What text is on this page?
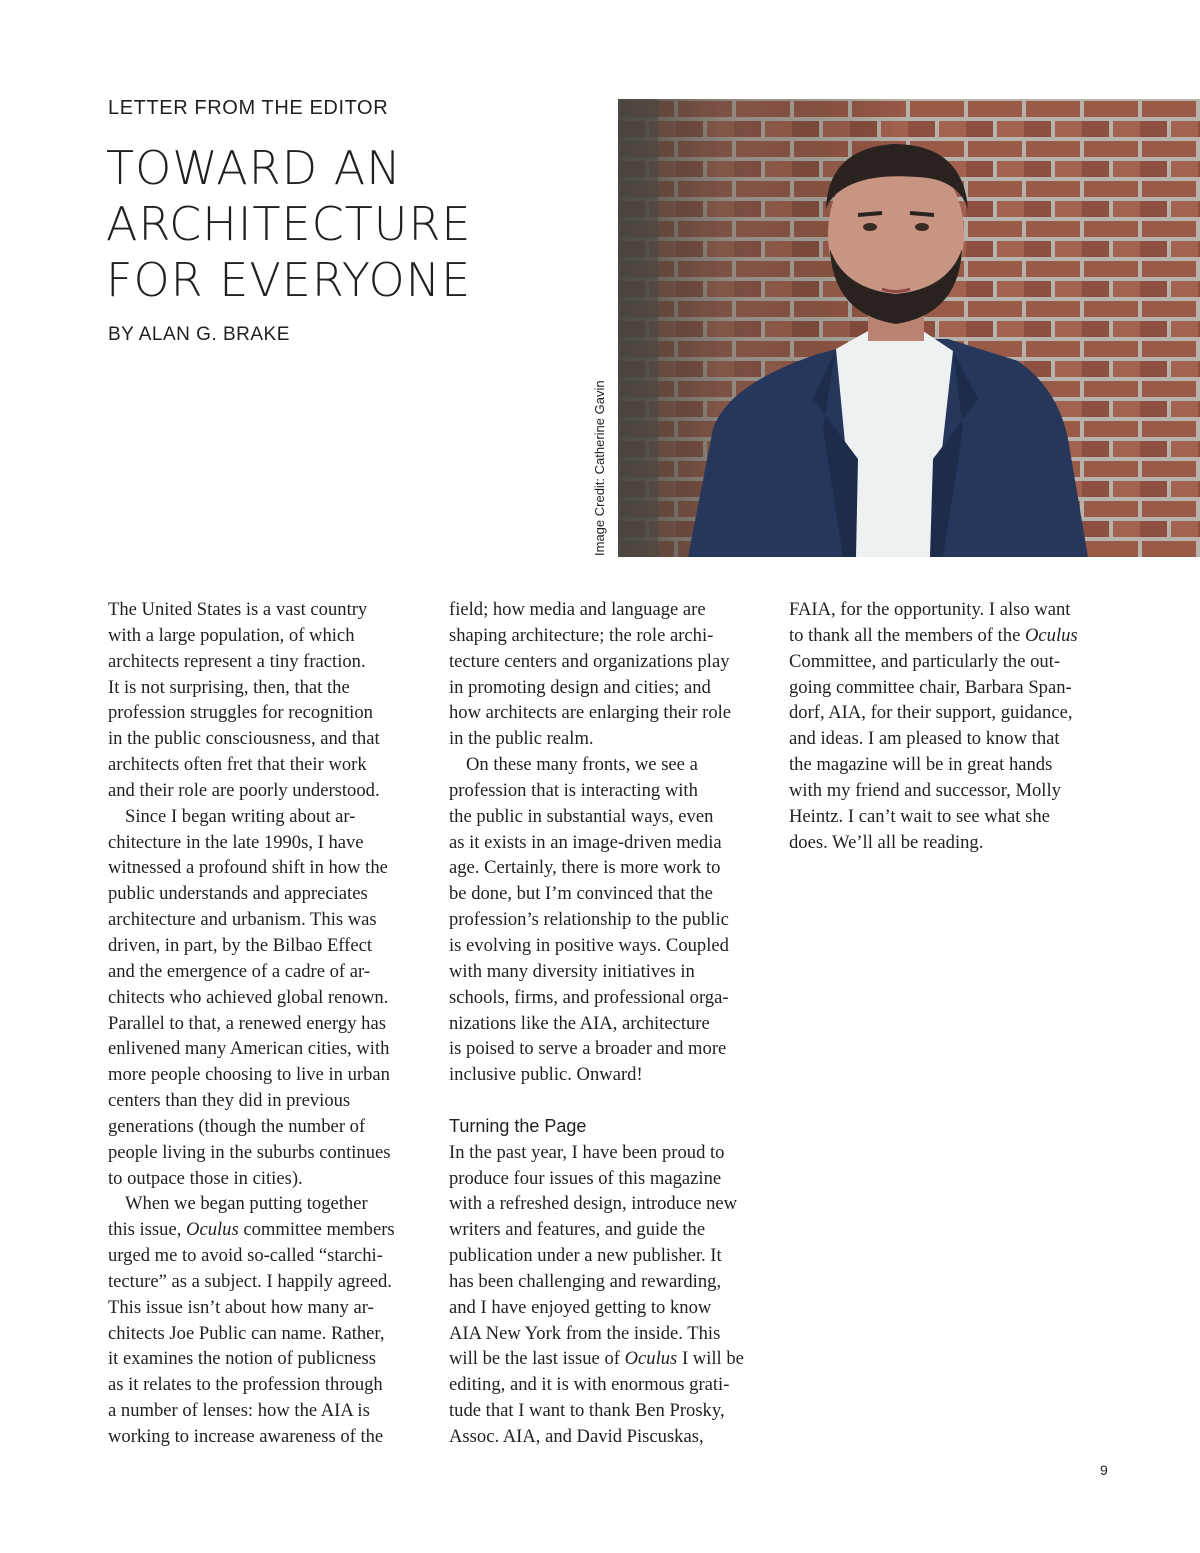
LETTER FROM THE EDITOR
TOWARD AN
ARCHITECTURE
FOR EVERYONE
BY ALAN G. BRAKE
Image Credit: Catherine Gavin
The United States is a vast country
with a large population, of which
architects represent a tiny fraction.
It is not surprising, then, that the
profession struggles for recognition
in the public consciousness, and that
architects often fret that their work
and their role are poorly understood.
Since I began writing about ar-
chitecture in the late 1990s, I have
witnessed a profound shift in how the
public understands and appreciates
architecture and urbanism. This was
driven, in part, by the Bilbao Effect
and the emergence of a cadre of ar-
chitects who achieved global renown.
Parallel to that, a renewed energy has
enlivened many American cities, with
more people choosing to live in urban
centers than they did in previous
generations (though the number of
people living in the suburbs continues
to outpace those in cities).
When we began putting together
this issue, Oculus committee members
urged me to avoid so-called “starchi-
tecture” as a subject. I happily agreed.
This issue isn’t about how many ar-
chitects Joe Public can name. Rather,
it examines the notion of publicness
as it relates to the profession through
a number of lenses: how the AIA is
working to increase awareness of the
field; how media and language are
shaping architecture; the role archi-
tecture centers and organizations play
in promoting design and cities; and
how architects are enlarging their role
in the public realm.
On these many fronts, we see a
profession that is interacting with
the public in substantial ways, even
as it exists in an image-driven media
age. Certainly, there is more work to
be done, but I’m convinced that the
profession’s relationship to the public
is evolving in positive ways. Coupled
with many diversity initiatives in
schools, firms, and professional orga-
nizations like the AIA, architecture
is poised to serve a broader and more
inclusive public. Onward!
Turning the Page
In the past year, I have been proud to
produce four issues of this magazine
with a refreshed design, introduce new
writers and features, and guide the
publication under a new publisher. It
has been challenging and rewarding,
and I have enjoyed getting to know
AIA New York from the inside. This
will be the last issue of Oculus I will be
editing, and it is with enormous grati-
tude that I want to thank Ben Prosky,
Assoc. AIA, and David Piscuskas,
FAIA, for the opportunity. I also want
to thank all the members of the Oculus
Committee, and particularly the out-
going committee chair, Barbara Span-
dorf, AIA, for their support, guidance,
and ideas. I am pleased to know that
the magazine will be in great hands
with my friend and successor, Molly
Heintz. I can’t wait to see what she
does. We’ll all be reading.
9
